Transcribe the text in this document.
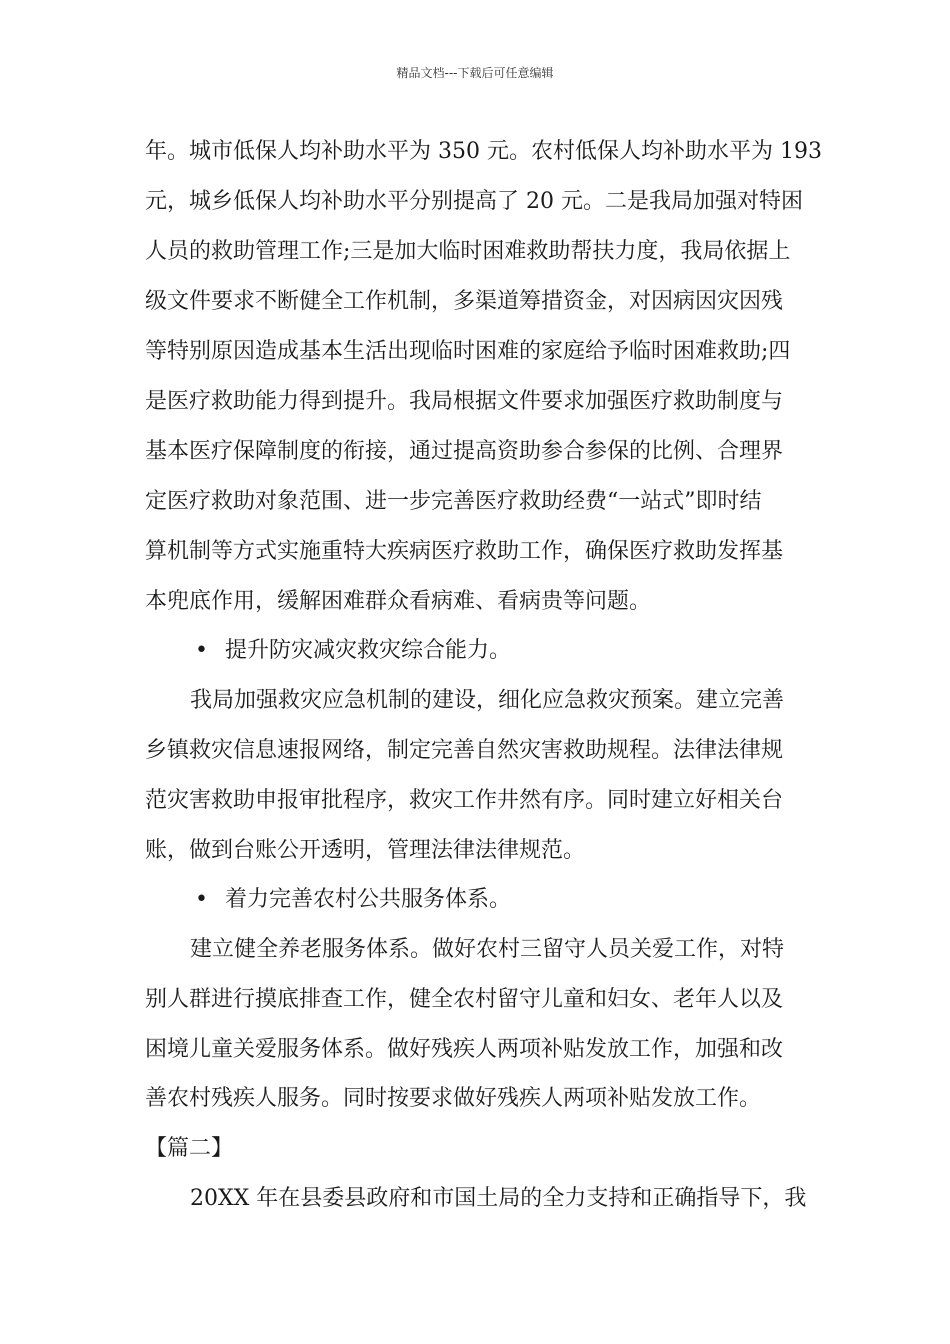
精品文档---下载后可任意编辑
年。城市低保人均补助水平为 350 元。农村低保人均补助水平为 193
元，城乡低保人均补助水平分别提高了 20 元。二是我局加强对特困
人员的救助管理工作;三是加大临时困难救助帮扶力度，我局依据上
级文件要求不断健全工作机制，多渠道筹措资金，对因病因灾因残
等特别原因造成基本生活出现临时困难的家庭给予临时困难救助;四
是医疗救助能力得到提升。我局根据文件要求加强医疗救助制度与
基本医疗保障制度的衔接，通过提高资助参合参保的比例、合理界
定医疗救助对象范围、进一步完善医疗救助经费“一站式”即时结
算机制等方式实施重特大疾病医疗救助工作，确保医疗救助发挥基
本兜底作用，缓解困难群众看病难、看病贵等问题。
• 提升防灾减灾救灾综合能力。
我局加强救灾应急机制的建设，细化应急救灾预案。建立完善
乡镇救灾信息速报网络，制定完善自然灾害救助规程。法律法律规
范灾害救助申报审批程序，救灾工作井然有序。同时建立好相关台
账，做到台账公开透明，管理法律法律规范。
• 着力完善农村公共服务体系。
建立健全养老服务体系。做好农村三留守人员关爱工作，对特
别人群进行摸底排查工作，健全农村留守儿童和妇女、老年人以及
困境儿童关爱服务体系。做好残疾人两项补贴发放工作，加强和改
善农村残疾人服务。同时按要求做好残疾人两项补贴发放工作。
【篇二】
20XX 年在县委县政府和市国土局的全力支持和正确指导下，我
